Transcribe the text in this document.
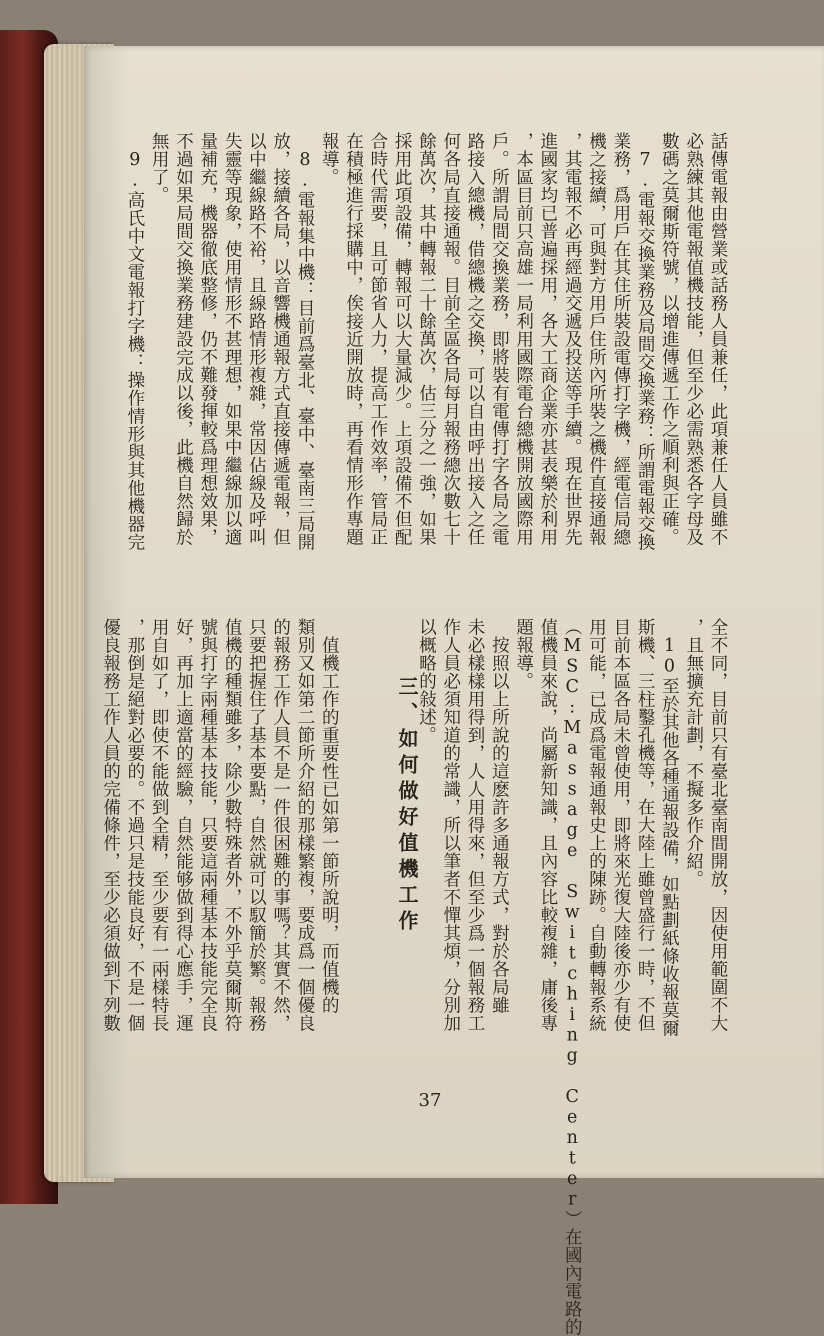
話傳電報由營業或話務人員兼任，此項兼任人員雖不
必熟練其他電報值機技能，但至少必需熟悉各字母及
數碼之莫爾斯符號，以增進傳遞工作之順利與正確。
　7.電報交換業務及局間交換業務：所謂電報交換
業務，爲用戶在其住所裝設電傳打字機，經電信局總
機之接續，可與對方用戶住所內所裝之機件直接通報
，其電報不必再經過交遞及投送等手續。現在世界先
進國家均已普遍採用，各大工商企業亦甚表樂於利用
，本區目前只高雄一局利用國際電台總機開放國際用
戶。所謂局間交換業務，即將裝有電傳打字各局之電
路接入總機，借總機之交換，可以自由呼出接入之任
何各局直接通報。目前全區各局每月報務總次數七十
餘萬次，其中轉報二十餘萬次，估三分之一強，如果
採用此項設備，轉報可以大量減少。上項設備不但配
合時代需要，且可節省人力，提高工作效率，管局正
在積極進行採購中，俟接近開放時，再看情形作專題
報導。
　8.電報集中機：目前爲臺北、臺中、臺南三局開
放，接續各局，以音響機通報方式直接傳遞電報，但
以中繼線路不裕，且線路情形複雜，常因佔線及呼叫
失靈等現象，使用情形不甚理想，如果中繼線加以適
量補充，機器徹底整修，仍不難發揮較爲理想效果，
不過如果局間交換業務建設完成以後，此機自然歸於
無用了。
　9.高氏中文電報打字機：操作情形與其他機器完
全不同，目前只有臺北臺南間開放，因使用範圍不大
，且無擴充計劃，不擬多作介紹。
　10至於其他各種通報設備，如點劃紙條收報莫爾
斯機、三柱鑿孔機等，在大陸上雖曾盛行一時，不但
目前本區各局未曾使用，即將來光復大陸後亦少有使
用可能，已成爲電報通報史上的陳跡。自動轉報系統
（MSC:Massage Switching Center）在國內電路的
值機員來說，尚屬新知識，且內容比較複雜，庸後專
題報導。
　按照以上所說的這麽許多通報方式，對於各局雖
未必樣樣用得到，人人用得來，但至少爲一個報務工
作人員必須知道的常識，所以筆者不憚其煩，分別加
以概略的敍述。

　值機工作的重要性已如第一節所說明，而值機的
類別又如第二節所介紹的那樣繁複，要成爲一個優良
的報務工作人員不是一件很困難的事嗎？其實不然，
只要把握住了基本要點，自然就可以馭簡於繁。報務
值機的種類雖多，除少數特殊者外，不外乎莫爾斯符
號與打字兩種基本技能，只要這兩種基本技能完全良
好，再加上適當的經驗，自然能够做到得心應手，運
用自如了，即使不能做到全精，至少要有一兩樣特長
，那倒是絕對必要的。不過只是技能良好，不是一個
優良報務工作人員的完備條件，至少必須做到下列數	三、如何做好值機工作
37
